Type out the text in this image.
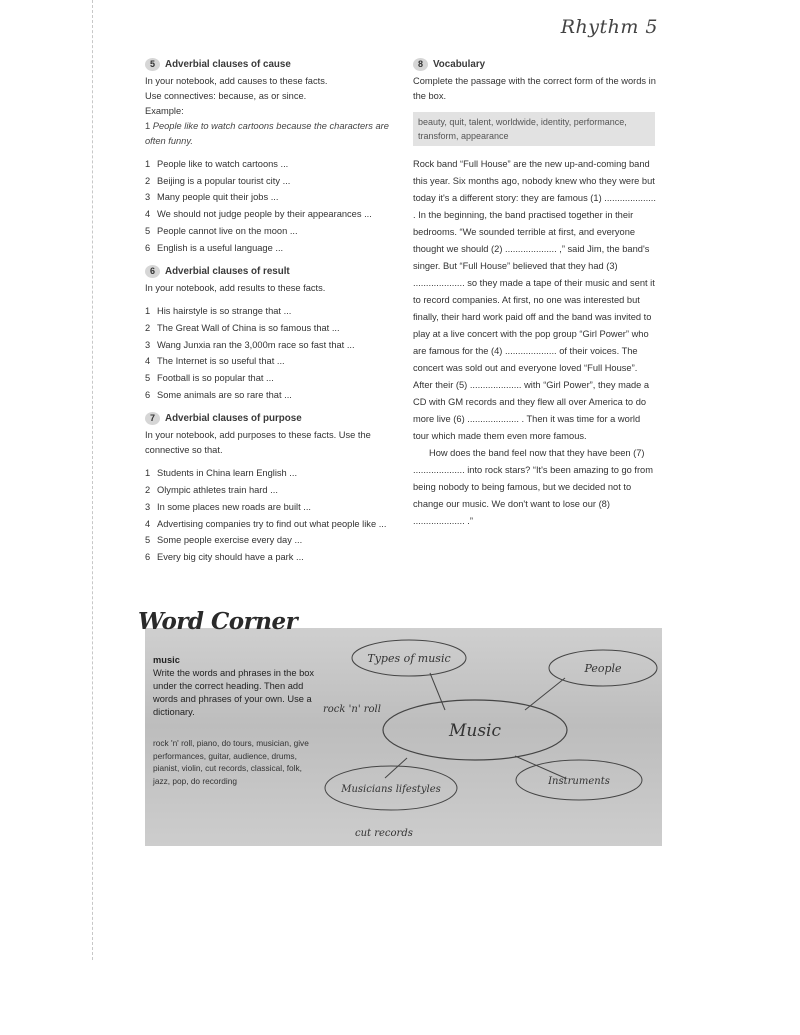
Rhythm 5
5	Adverbial clauses of cause
In your notebook, add causes to these facts.
Use connectives: because, as or since.
Example:
1 People like to watch cartoons because the characters are often funny.
1 People like to watch cartoons ...
2 Beijing is a popular tourist city ...
3 Many people quit their jobs ...
4 We should not judge people by their appearances ...
5 People cannot live on the moon ...
6 English is a useful language ...
6	Adverbial clauses of result
In your notebook, add results to these facts.
1 His hairstyle is so strange that ...
2 The Great Wall of China is so famous that ...
3 Wang Junxia ran the 3,000m race so fast that ...
4 The Internet is so useful that ...
5 Football is so popular that ...
6 Some animals are so rare that ...
7	Adverbial clauses of purpose
In your notebook, add purposes to these facts. Use the connective so that.
1 Students in China learn English ...
2 Olympic athletes train hard ...
3 In some places new roads are built ...
4 Advertising companies try to find out what people like ...
5 Some people exercise every day ...
6 Every big city should have a park ...
8	Vocabulary
Complete the passage with the correct form of the words in the box.
beauty, quit, talent, worldwide, identity, performance, transform, appearance

Rock band “Full House” are the new up-and-coming band this year. Six months ago, nobody knew who they were but today it's a different story: they are famous (1) .................... . In the beginning, the band practised together in their bedrooms. “We sounded terrible at first, and everyone thought we should (2) .................... ,” said Jim, the band's singer. But “Full House” believed that they had (3) .................... so they made a tape of their music and sent it to record companies. At first, no one was interested but finally, their hard work paid off and the band was invited to play at a live concert with the pop group “Girl Power” who are famous for the (4) .................... of their voices. The concert was sold out and everyone loved “Full House”. After their (5) .................... with “Girl Power”, they made a CD with GM records and they flew all over America to do more live (6) .................... . Then it was time for a world tour which made them even more famous.

How does the band feel now that they have been (7) .................... into rock stars? “It's been amazing to go from being nobody to being famous, but we decided not to change our music. We don't want to lose our (8) .................... .”

Types of music
People
Music
Musicians lifestyles
Instruments
rock 'n' roll
cut records
music
Write the words and phrases in the box under the correct heading. Then add words and phrases of your own. Use a dictionary.
rock 'n' roll, piano, do tours, musician, give performances, guitar, audience, drums, pianist, violin, cut records, classical, folk, jazz, pop, do recording
Word Corner
